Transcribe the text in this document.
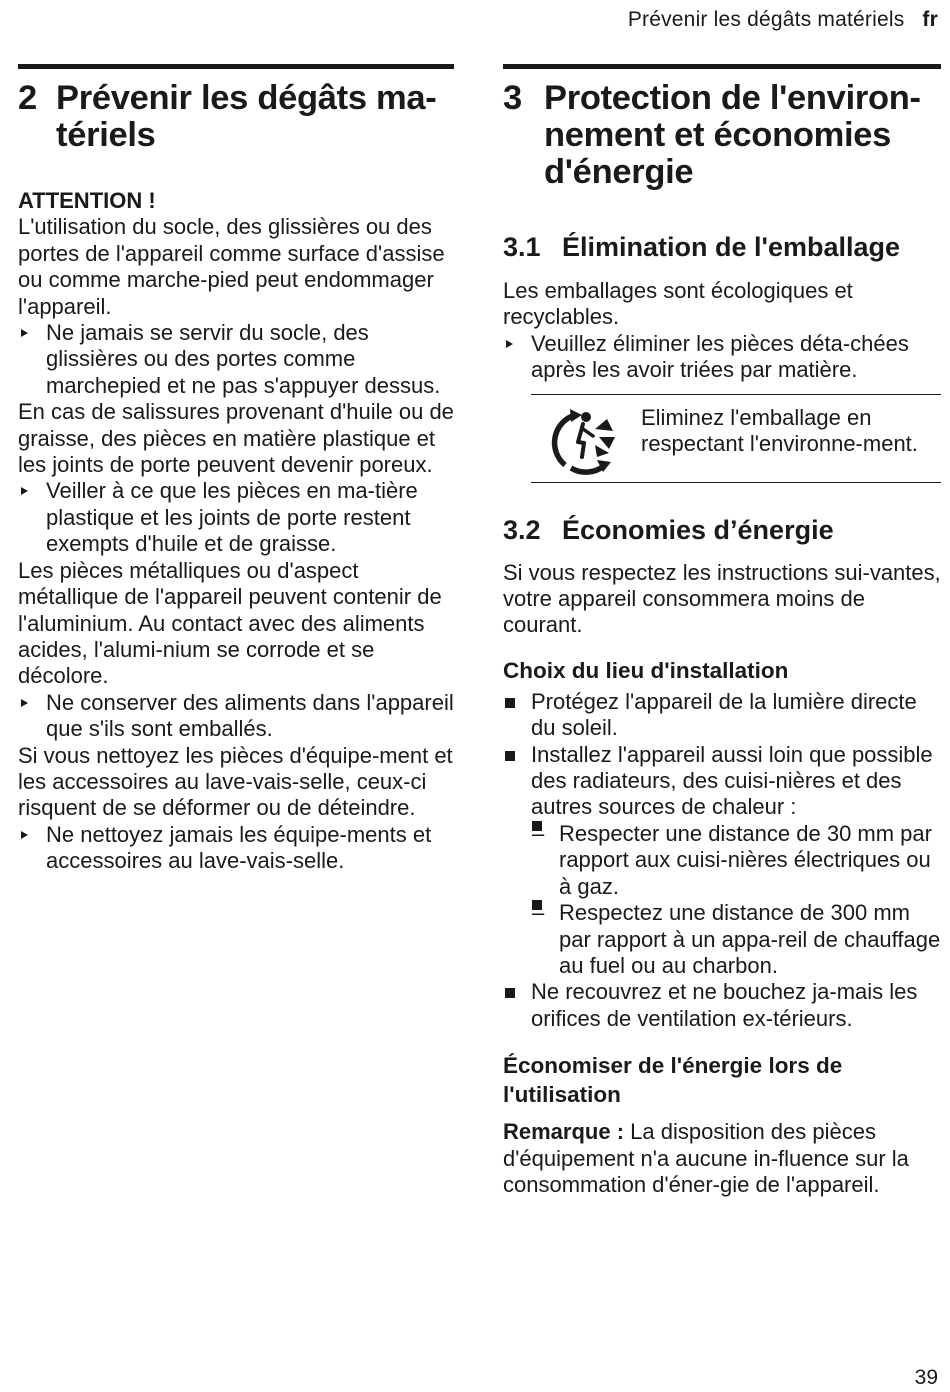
Prévenir les dégâts matériels fr
2 Prévenir les dégâts ma-
tériels
ATTENTION !

L'utilisation du socle, des glissières ou des portes de l'appareil comme surface d'assise ou comme marche-pied peut endommager l'appareil.

Ne jamais se servir du socle, des glissières ou des portes comme marchepied et ne pas s'appuyer dessus.

En cas de salissures provenant d'huile ou de graisse, des pièces en matière plastique et les joints de porte peuvent devenir poreux.

Veiller à ce que les pièces en ma-tière plastique et les joints de porte restent exempts d'huile et de graisse.

Les pièces métalliques ou d'aspect métallique de l'appareil peuvent contenir de l'aluminium. Au contact avec des aliments acides, l'alumi-nium se corrode et se décolore.

Ne conserver des aliments dans l'appareil que s'ils sont emballés.

Si vous nettoyez les pièces d'équipe-ment et les accessoires au lave-vais-selle, ceux-ci risquent de se déformer ou de déteindre.

Ne nettoyez jamais les équipe-ments et accessoires au lave-vais-selle.
3 Protection de l'environ-
nement et économies
d'énergie
3.1 Élimination de l'emballage

Les emballages sont écologiques et recyclables.

Veuillez éliminer les pièces déta-chées après les avoir triées par matière.

Eliminez l'emballage en respectant l'environne-ment.

3.2 Économies d’énergie

Si vous respectez les instructions sui-vantes, votre appareil consommera moins de courant.

Choix du lieu d'installation
Protégez l'appareil de la lumière directe du soleil.
Installez l'appareil aussi loin que possible des radiateurs, des cuisi-nières et des autres sources de chaleur :
– Respecter une distance de 30 mm par rapport aux cuisi-nières électriques ou à gaz.
– Respectez une distance de 300 mm par rapport à un appa-reil de chauffage au fuel ou au charbon.
Ne recouvrez et ne bouchez ja-mais les orifices de ventilation ex-térieurs.
Économiser de l'énergie lors de l'utilisation

Remarque : La disposition des pièces d'équipement n'a aucune in-fluence sur la consommation d'éner-gie de l'appareil.

39
